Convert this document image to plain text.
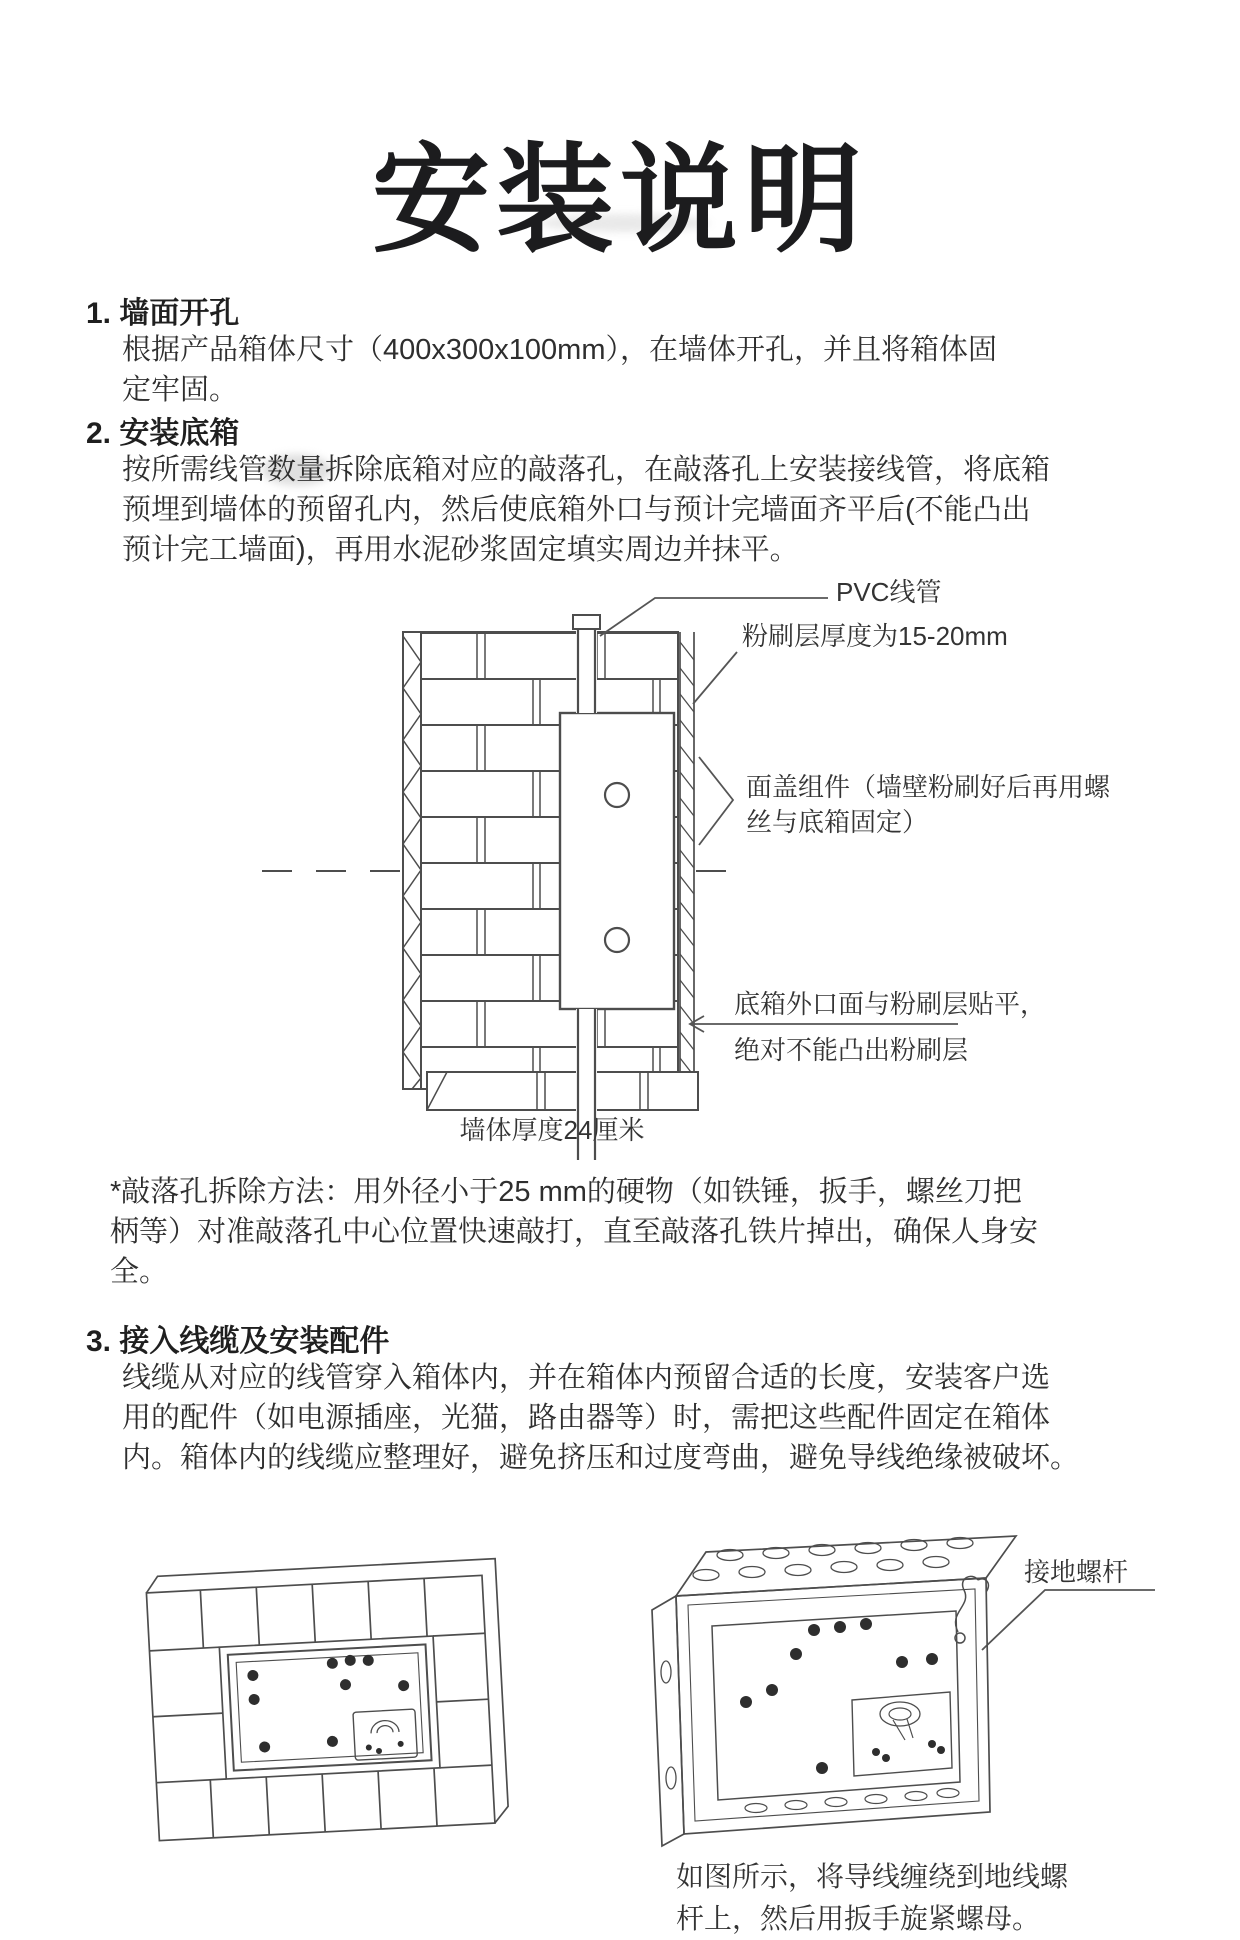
安装说明
1. 墙面开孔
根据产品箱体尺寸（400x300x100mm），在墙体开孔，并且将箱体固
定牢固。
2. 安装底箱
按所需线管数量拆除底箱对应的敲落孔，在敲落孔上安装接线管，将底箱
预埋到墙体的预留孔内，然后使底箱外口与预计完墙面齐平后(不能凸出
预计完工墙面)，再用水泥砂浆固定填实周边并抹平。
PVC线管
粉刷层厚度为15-20mm
面盖组件（墙壁粉刷好后再用螺
丝与底箱固定）
底箱外口面与粉刷层贴平，
绝对不能凸出粉刷层
墙体厚度24厘米
*敲落孔拆除方法：用外径小于25 mm的硬物（如铁锤，扳手，螺丝刀把
柄等）对准敲落孔中心位置快速敲打，直至敲落孔铁片掉出，确保人身安
全。
3. 接入线缆及安装配件
线缆从对应的线管穿入箱体内，并在箱体内预留合适的长度，安装客户选
用的配件（如电源插座，光猫，路由器等）时，需把这些配件固定在箱体
内。箱体内的线缆应整理好，避免挤压和过度弯曲，避免导线绝缘被破坏。
接地螺杆
如图所示，将导线缠绕到地线螺
杆上，然后用扳手旋紧螺母。
